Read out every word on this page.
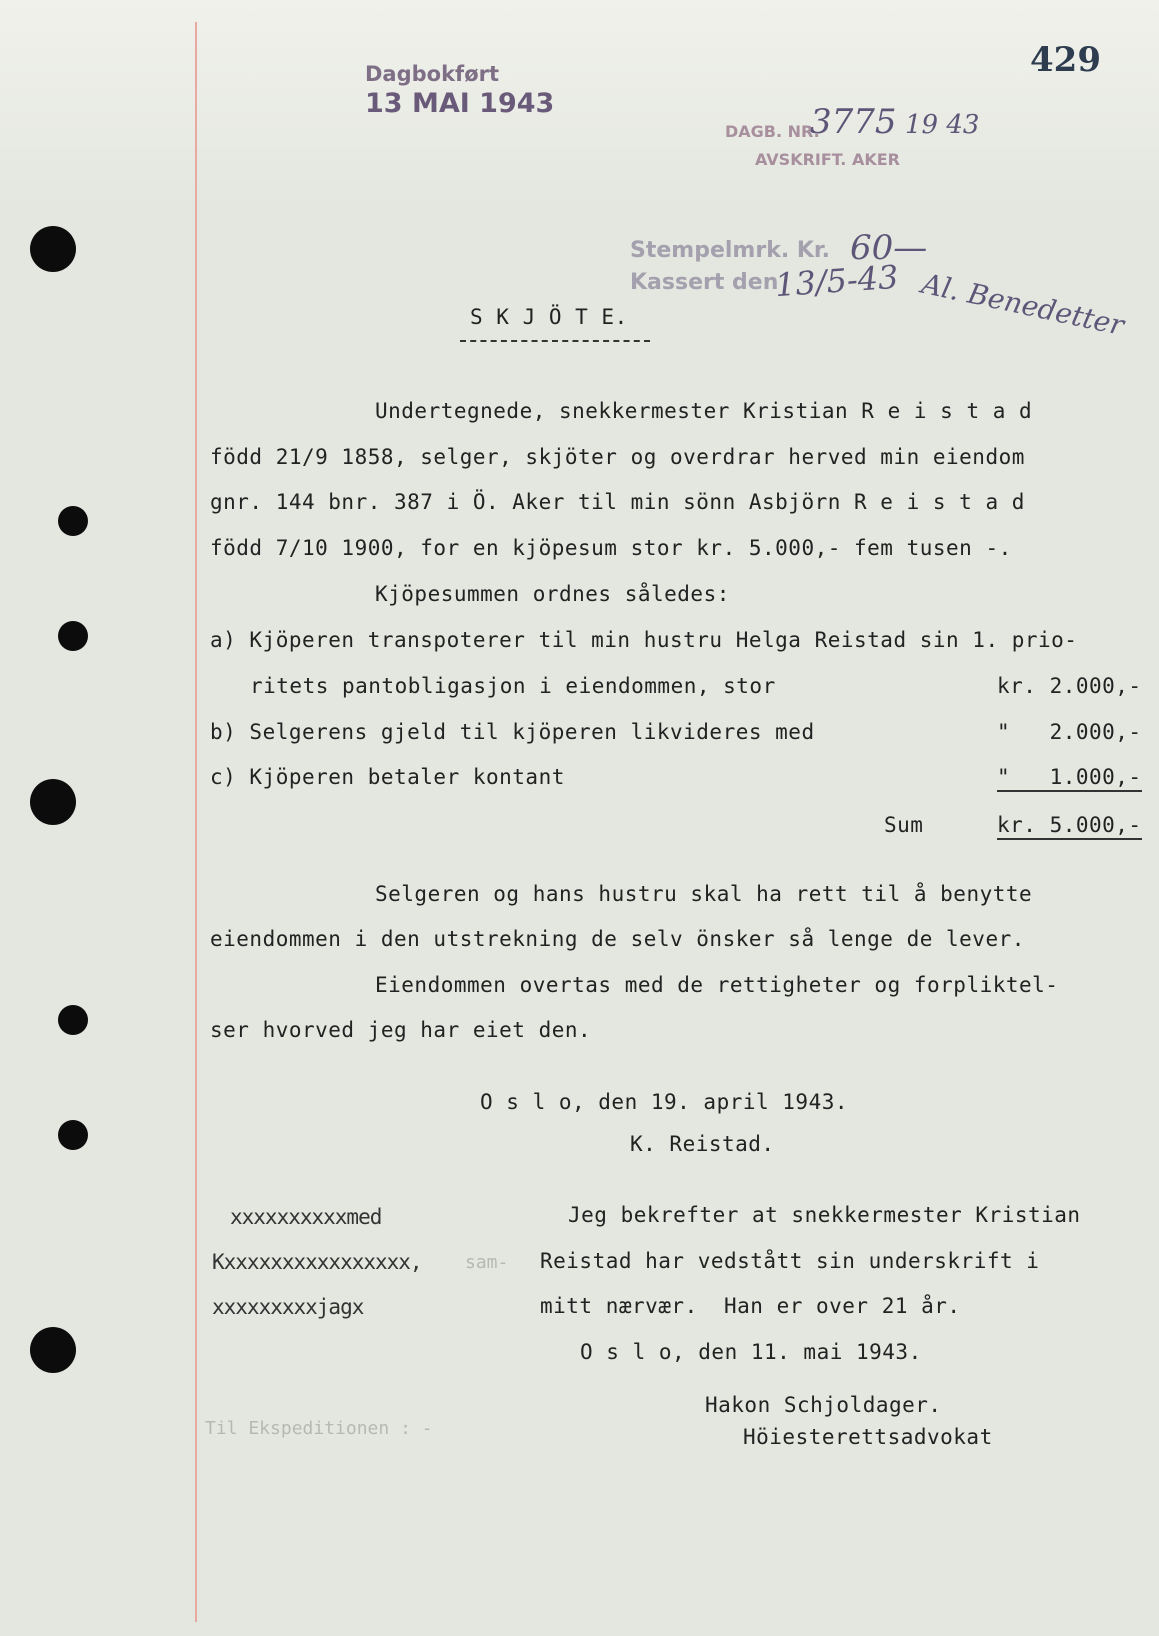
429
Dagbokført
13 MAI 1943
DAGB. NR.
3775 19 43
AVSKRIFT. AKER
Stempelmrk. Kr. 60—
Kassert den
13/5-43 Al. Benedetter
S K J Ö T E.
Undertegnede, snekkermester Kristian R e i s t a d
född 21/9 1858, selger, skjöter og overdrar herved min eiendom
gnr. 144 bnr. 387 i Ö. Aker til min sönn Asbjörn R e i s t a d
född 7/10 1900, for en kjöpesum stor kr. 5.000,- fem tusen -.
Kjöpesummen ordnes således:
a) Kjöperen transpoterer til min hustru Helga Reistad sin 1. prio-
ritets pantobligasjon i eiendommen, stor	kr. 2.000,-
b) Selgerens gjeld til kjöperen likvideres med	"   2.000,-
c) Kjöperen betaler kontant	"   1.000,-
Sum	kr. 5.000,-
Selgeren og hans hustru skal ha rett til å benytte
eiendommen i den utstrekning de selv önsker så lenge de lever.
Eiendommen overtas med de rettigheter og forpliktel-
ser hvorved jeg har eiet den.
O s l o, den 19. april 1943.
K. Reistad.
xxxxxxxxxxmed
Kxxxxxxxxxxxxxxxx, sam-
xxxxxxxxxjagx
Jeg bekrefter at snekkermester Kristian
Reistad har vedstått sin underskrift i
mitt nærvær.  Han er over 21 år.
O s l o, den 11. mai 1943.
Hakon Schjoldager.
Höiesterettsadvokat
Til Ekspeditionen : -
